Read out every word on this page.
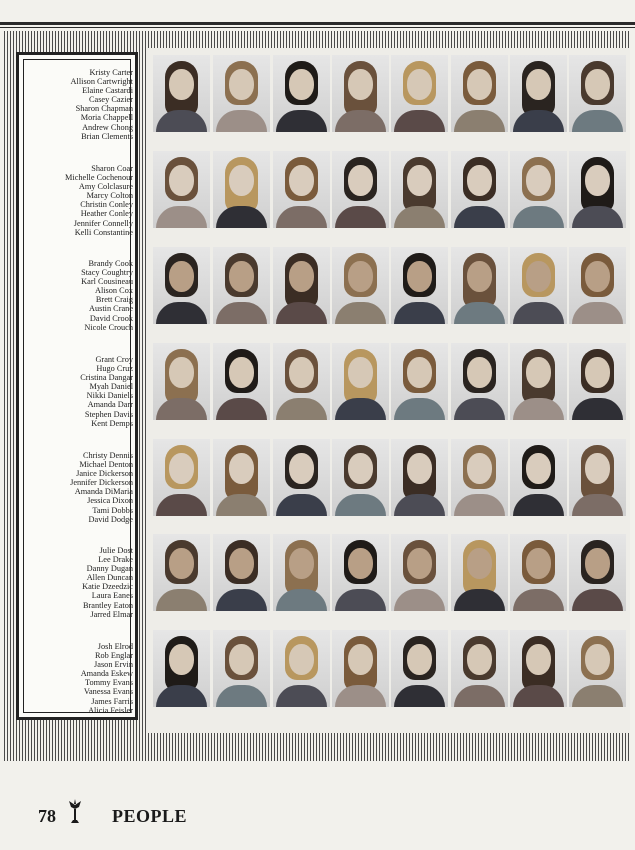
Kristy Carter
Allison Cartwright
Elaine Castardi
Casey Cazier
Sharon Chapman
Moria Chappell
Andrew Chong
Brian Clements
Sharon Coar
Michelle Cochenour
Amy Colclasure
Marcy Colton
Christin Conley
Heather Conley
Jennifer Connelly
Kelli Constantine
Brandy Cook
Stacy Coughtry
Karl Cousineau
Alison Cox
Brett Craig
Austin Crane
David Crook
Nicole Crouch
Grant Croy
Hugo Cruz
Cristina Dangar
Myah Daniel
Nikki Daniels
Amanda Darr
Stephen Davis
Kent Demps
Christy Dennis
Michael Denton
Janice Dickerson
Jennifer Dickerson
Amanda DiMaria
Jessica Dixon
Tami Dobbs
David Dodge
Julie Dost
Lee Drake
Danny Dugan
Allen Duncan
Katie Dzeedzic
Laura Eanes
Brantley Eaton
Jarred Elmar
Josh Elrod
Rob Englar
Jason Ervin
Amanda Eskew
Tommy Evans
Vanessa Evans
James Farris
Alicia Feisler
78	PEOPLE
